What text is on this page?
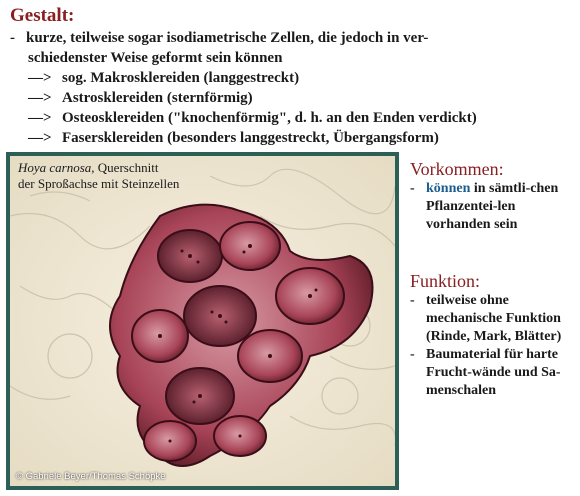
Gestalt:
- kurze, teilweise sogar isodiametrische Zellen, die jedoch in ver-
schiedenster Weise geformt sein können
—> sog. Makrosklereiden (langgestreckt)
—> Astrosklereiden (sternförmig)
—> Osteosklereiden ("knochenförmig", d. h. an den Enden verdickt)
—> Fasersklereiden (besonders langgestreckt, Übergangsform)
Hoya carnosa, Querschnitt
der Sproßachse mit Steinzellen
© Gabriele Beyer/Thomas Schöpke
Vorkommen:
- können in sämtli-chen Pflanzentei-len vorhanden sein
Funktion:
- teilweise ohne mechanische Funktion (Rinde, Mark, Blätter)
- Baumaterial für harte Frucht-wände und Sa-menschalen
